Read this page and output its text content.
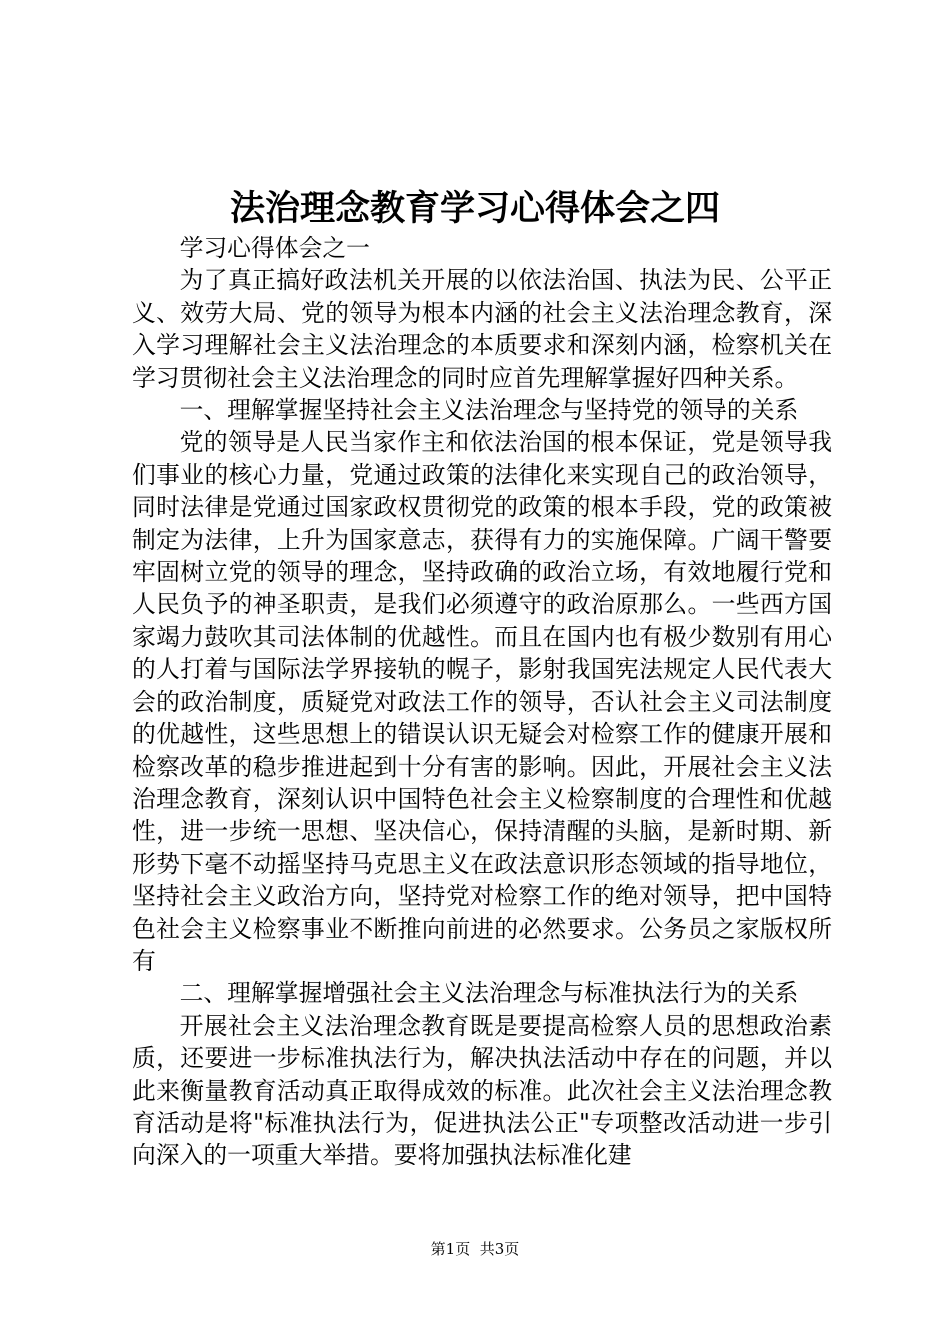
法治理念教育学习心得体会之四

学习心得体会之一

为了真正搞好政法机关开展的以依法治国、执法为民、公平正义、效劳大局、党的领导为根本内涵的社会主义法治理念教育，深入学习理解社会主义法治理念的本质要求和深刻内涵，检察机关在学习贯彻社会主义法治理念的同时应首先理解掌握好四种关系。

一、理解掌握坚持社会主义法治理念与坚持党的领导的关系

党的领导是人民当家作主和依法治国的根本保证，党是领导我们事业的核心力量，党通过政策的法律化来实现自己的政治领导，同时法律是党通过国家政权贯彻党的政策的根本手段，党的政策被制定为法律，上升为国家意志，获得有力的实施保障。广阔干警要牢固树立党的领导的理念，坚持政确的政治立场，有效地履行党和人民负予的神圣职责，是我们必须遵守的政治原那么。一些西方国家竭力鼓吹其司法体制的优越性。而且在国内也有极少数别有用心的人打着与国际法学界接轨的幌子，影射我国宪法规定人民代表大会的政治制度，质疑党对政法工作的领导，否认社会主义司法制度的优越性，这些思想上的错误认识无疑会对检察工作的健康开展和检察改革的稳步推进起到十分有害的影响。因此，开展社会主义法治理念教育，深刻认识中国特色社会主义检察制度的合理性和优越性，进一步统一思想、坚决信心，保持清醒的头脑，是新时期、新形势下毫不动摇坚持马克思主义在政法意识形态领域的指导地位，坚持社会主义政治方向，坚持党对检察工作的绝对领导，把中国特色社会主义检察事业不断推向前进的必然要求。公务员之家版权所有

二、理解掌握增强社会主义法治理念与标准执法行为的关系

开展社会主义法治理念教育既是要提高检察人员的思想政治素质，还要进一步标准执法行为，解决执法活动中存在的问题，并以此来衡量教育活动真正取得成效的标准。此次社会主义法治理念教育活动是将"标准执法行为，促进执法公正"专项整改活动进一步引向深入的一项重大举措。要将加强执法标准化建

第1页 共3页
